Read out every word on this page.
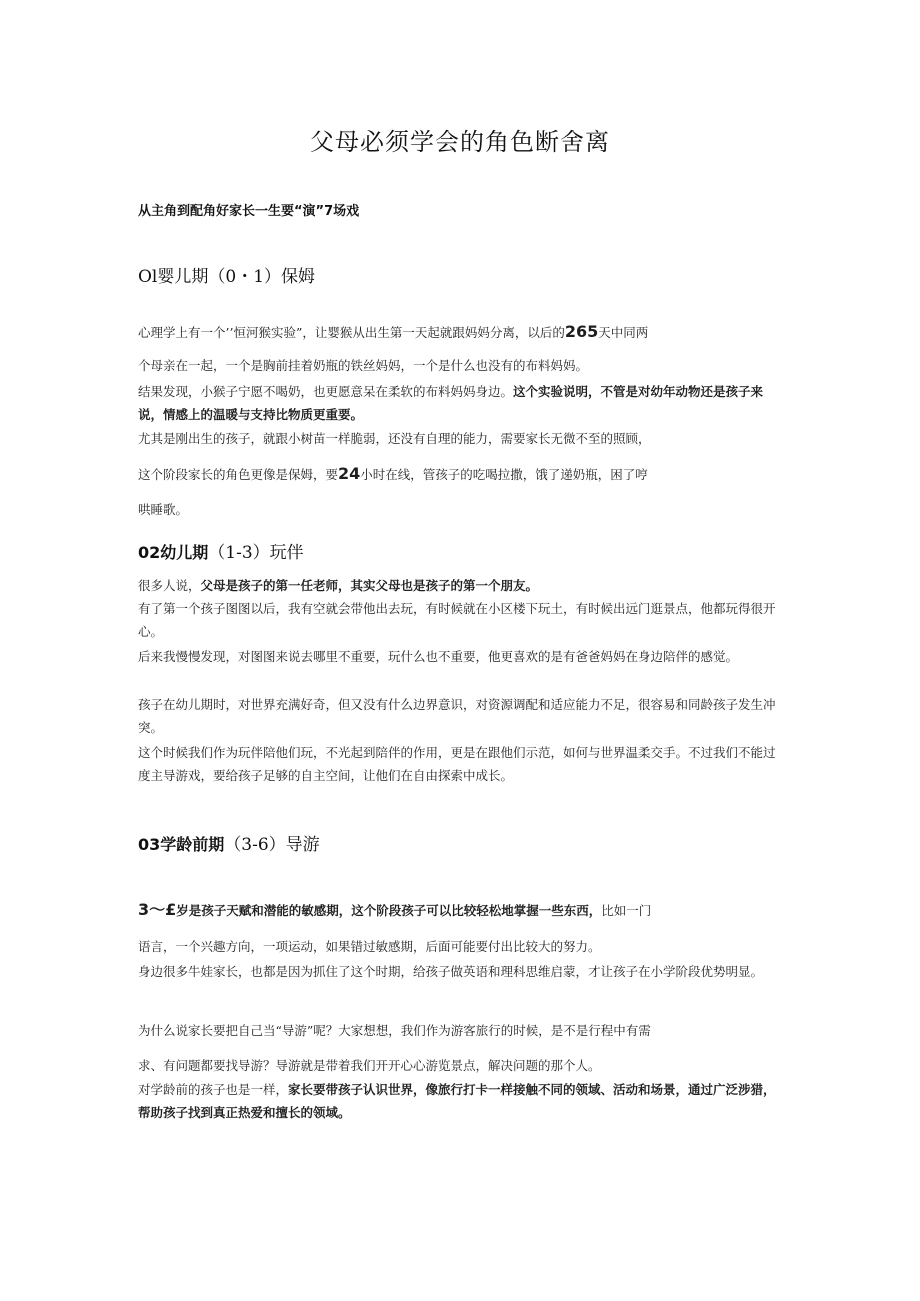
父母必须学会的角色断舍离
从主角到配角好家长一生要“演”7场戏
Ol婴儿期（0・1）保姆
心理学上有一个’’恒河猴实验”，让婴猴从出生第一天起就跟妈妈分离，以后的265天中同两
个母亲在一起，一个是胸前挂着奶瓶的铁丝妈妈，一个是什么也没有的布料妈妈。
结果发现，小猴子宁愿不喝奶，也更愿意呆在柔软的布料妈妈身边。这个实验说明，不管是对幼年动物还是孩子来说，情感上的温暖与支持比物质更重要。
尤其是刚出生的孩子，就跟小树苗一样脆弱，还没有自理的能力，需要家长无微不至的照顾，
这个阶段家长的角色更像是保姆，要24小时在线，管孩子的吃喝拉撒，饿了递奶瓶，困了哼
哄睡歌。
02幼儿期（1-3）玩伴
很多人说，父母是孩子的第一任老师，其实父母也是孩子的第一个朋友。
有了第一个孩子图图以后，我有空就会带他出去玩，有时候就在小区楼下玩土，有时候出远门逛景点，他都玩得很开心。
后来我慢慢发现，对图图来说去哪里不重要，玩什么也不重要，他更喜欢的是有爸爸妈妈在身边陪伴的感觉。
孩子在幼儿期时，对世界充满好奇，但又没有什么边界意识，对资源调配和适应能力不足，很容易和同龄孩子发生冲突。
这个时候我们作为玩伴陪他们玩，不光起到陪伴的作用，更是在跟他们示范，如何与世界温柔交手。不过我们不能过度主导游戏，要给孩子足够的自主空间，让他们在自由探索中成长。
03学龄前期（3-6）导游
3〜£岁是孩子天赋和潜能的敏感期，这个阶段孩子可以比较轻松地掌握一些东西，比如一门
语言，一个兴趣方向，一项运动，如果错过敏感期，后面可能要付出比较大的努力。
身边很多牛娃家长，也都是因为抓住了这个时期，给孩子做英语和理科思维启蒙，才让孩子在小学阶段优势明显。
为什么说家长要把自己当“导游”呢？大家想想，我们作为游客旅行的时候，是不是行程中有需
求、有问题都要找导游？导游就是带着我们开开心心游览景点，解决问题的那个人。
对学龄前的孩子也是一样，家长要带孩子认识世界，像旅行打卡一样接触不同的领域、活动和场景，通过广泛涉猎，帮助孩子找到真正热爱和擅长的领域。
